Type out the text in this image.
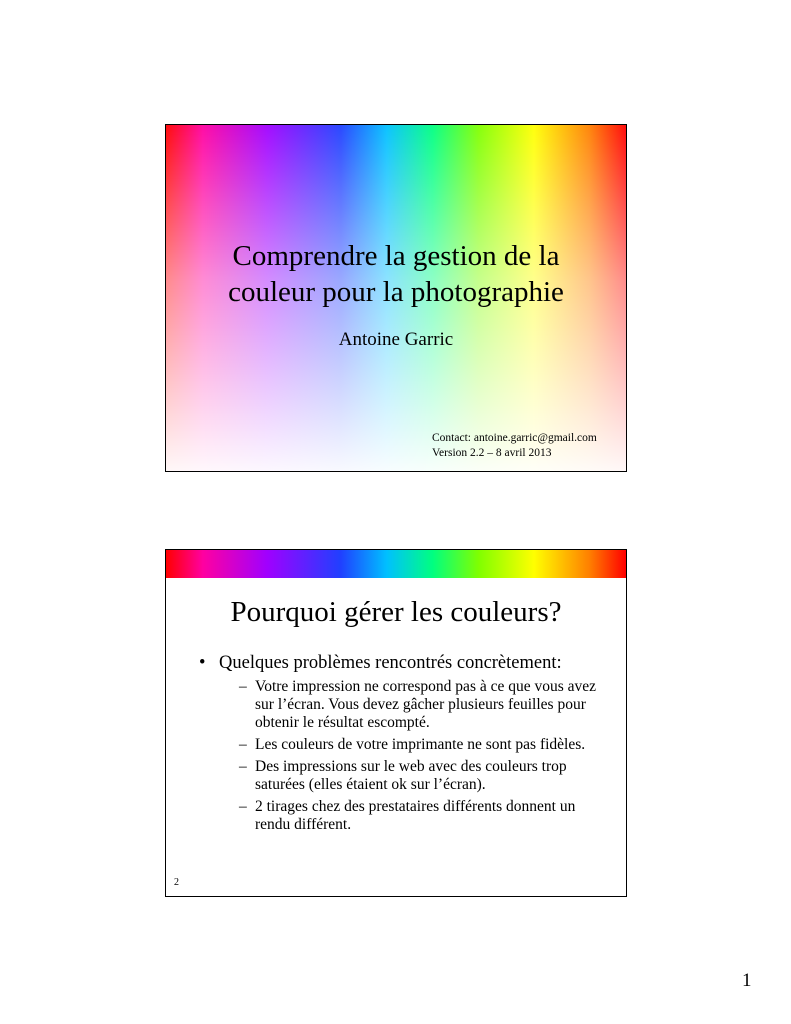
Comprendre la gestion de la
couleur pour la photographie
Antoine Garric
Contact: antoine.garric@gmail.com
Version 2.2 – 8 avril 2013
Pourquoi gérer les couleurs?
• Quelques problèmes rencontrés concrètement:
– Votre impression ne correspond pas à ce que vous avez sur l’écran. Vous devez gâcher plusieurs feuilles pour obtenir le résultat escompté.
– Les couleurs de votre imprimante ne sont pas fidèles.
– Des impressions sur le web avec des couleurs trop saturées (elles étaient ok sur l’écran).
– 2 tirages chez des prestataires différents donnent un rendu différent.
2
1
